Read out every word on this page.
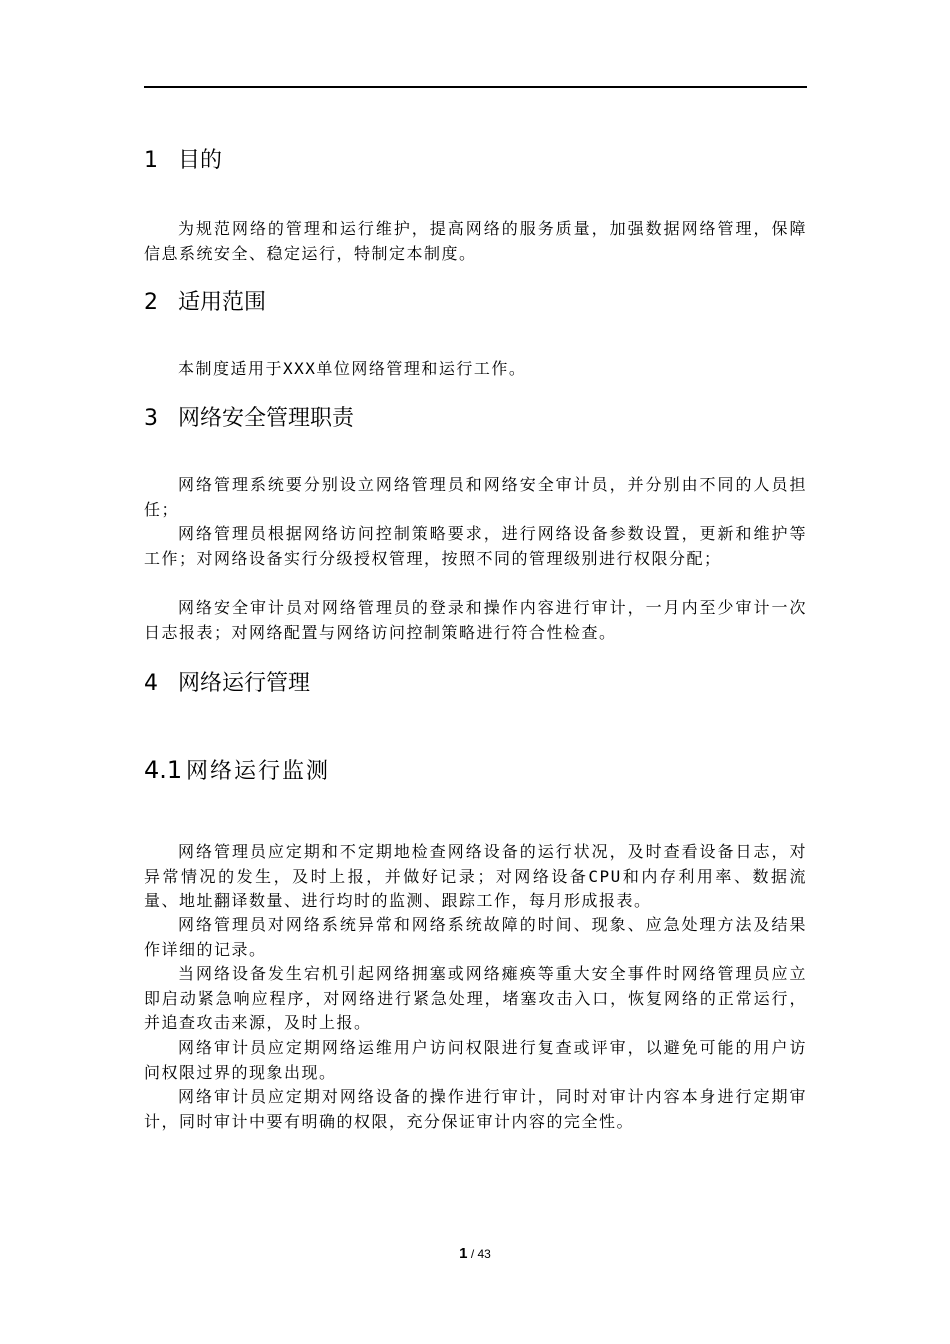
1 目的

为规范网络的管理和运行维护，提高网络的服务质量，加强数据网络管理，保障信息系统安全、稳定运行，特制定本制度。

2 适用范围

本制度适用于XXX单位网络管理和运行工作。

3 网络安全管理职责

网络管理系统要分别设立网络管理员和网络安全审计员，并分别由不同的人员担任；

网络管理员根据网络访问控制策略要求，进行网络设备参数设置，更新和维护等工作；对网络设备实行分级授权管理，按照不同的管理级别进行权限分配；

网络安全审计员对网络管理员的登录和操作内容进行审计，一月内至少审计一次日志报表；对网络配置与网络访问控制策略进行符合性检查。

4 网络运行管理
4.1 网络运行监测

网络管理员应定期和不定期地检查网络设备的运行状况，及时查看设备日志，对异常情况的发生，及时上报，并做好记录；对网络设备CPU和内存利用率、数据流量、地址翻译数量、进行均时的监测、跟踪工作，每月形成报表。

网络管理员对网络系统异常和网络系统故障的时间、现象、应急处理方法及结果作详细的记录。

当网络设备发生宕机引起网络拥塞或网络瘫痪等重大安全事件时网络管理员应立即启动紧急响应程序，对网络进行紧急处理，堵塞攻击入口，恢复网络的正常运行，并追查攻击来源，及时上报。

网络审计员应定期网络运维用户访问权限进行复查或评审，以避免可能的用户访问权限过界的现象出现。

网络审计员应定期对网络设备的操作进行审计，同时对审计内容本身进行定期审计，同时审计中要有明确的权限，充分保证审计内容的完全性。

1 / 43
